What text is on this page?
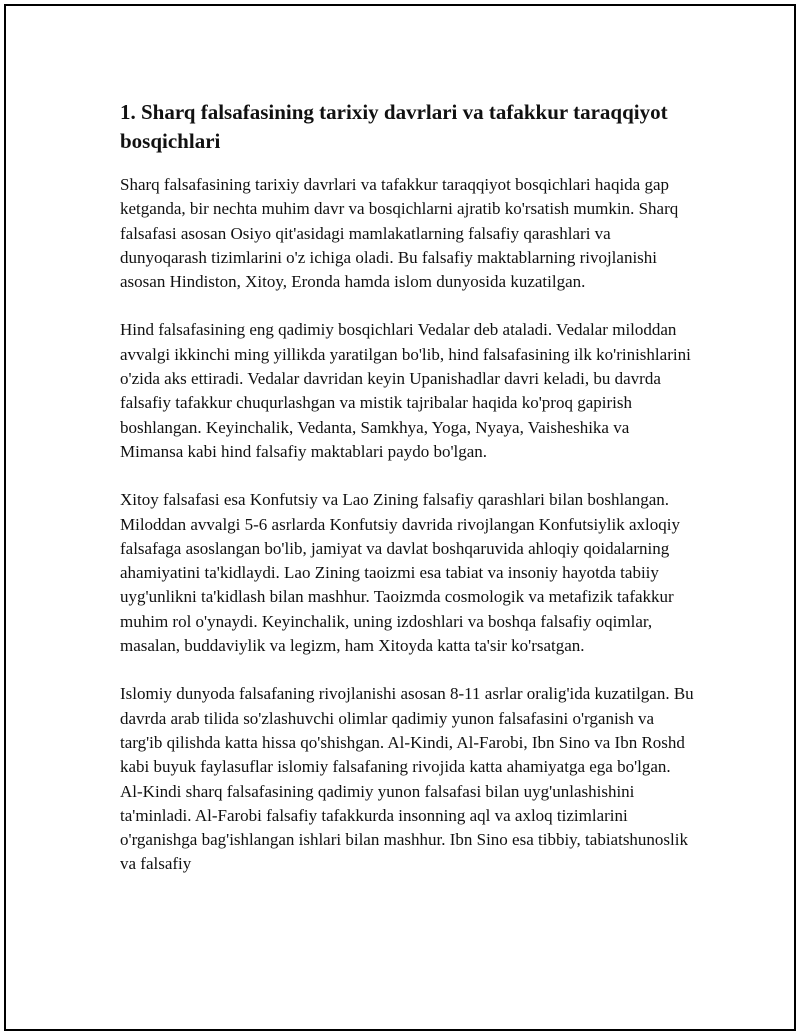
1. Sharq falsafasining tarixiy davrlari va tafakkur taraqqiyot bosqichlari

Sharq falsafasining tarixiy davrlari va tafakkur taraqqiyot bosqichlari haqida gap ketganda, bir nechta muhim davr va bosqichlarni ajratib ko'rsatish mumkin. Sharq falsafasi asosan Osiyo qit'asidagi mamlakatlarning falsafiy qarashlari va dunyoqarash tizimlarini o'z ichiga oladi. Bu falsafiy maktablarning rivojlanishi asosan Hindiston, Xitoy, Eronda hamda islom dunyosida kuzatilgan.

Hind falsafasining eng qadimiy bosqichlari Vedalar deb ataladi. Vedalar miloddan avvalgi ikkinchi ming yillikda yaratilgan bo'lib, hind falsafasining ilk ko'rinishlarini o'zida aks ettiradi. Vedalar davridan keyin Upanishadlar davri keladi, bu davrda falsafiy tafakkur chuqurlashgan va mistik tajribalar haqida ko'proq gapirish boshlangan. Keyinchalik, Vedanta, Samkhya, Yoga, Nyaya, Vaisheshika va Mimansa kabi hind falsafiy maktablari paydo bo'lgan.

Xitoy falsafasi esa Konfutsiy va Lao Zining falsafiy qarashlari bilan boshlangan. Miloddan avvalgi 5-6 asrlarda Konfutsiy davrida rivojlangan Konfutsiylik axloqiy falsafaga asoslangan bo'lib, jamiyat va davlat boshqaruvida ahloqiy qoidalarning ahamiyatini ta'kidlaydi. Lao Zining taoizmi esa tabiat va insoniy hayotda tabiiy uyg'unlikni ta'kidlash bilan mashhur. Taoizmda cosmologik va metafizik tafakkur muhim rol o'ynaydi. Keyinchalik, uning izdoshlari va boshqa falsafiy oqimlar, masalan, buddaviylik va legizm, ham Xitoyda katta ta'sir ko'rsatgan.

Islomiy dunyoda falsafaning rivojlanishi asosan 8-11 asrlar oralig'ida kuzatilgan. Bu davrda arab tilida so'zlashuvchi olimlar qadimiy yunon falsafasini o'rganish va targ'ib qilishda katta hissa qo'shishgan. Al-Kindi, Al-Farobi, Ibn Sino va Ibn Roshd kabi buyuk faylasuflar islomiy falsafaning rivojida katta ahamiyatga ega bo'lgan. Al-Kindi sharq falsafasining qadimiy yunon falsafasi bilan uyg'unlashishini ta'minladi. Al-Farobi falsafiy tafakkurda insonning aql va axloq tizimlarini o'rganishga bag'ishlangan ishlari bilan mashhur. Ibn Sino esa tibbiy, tabiatshunoslik va falsafiy
